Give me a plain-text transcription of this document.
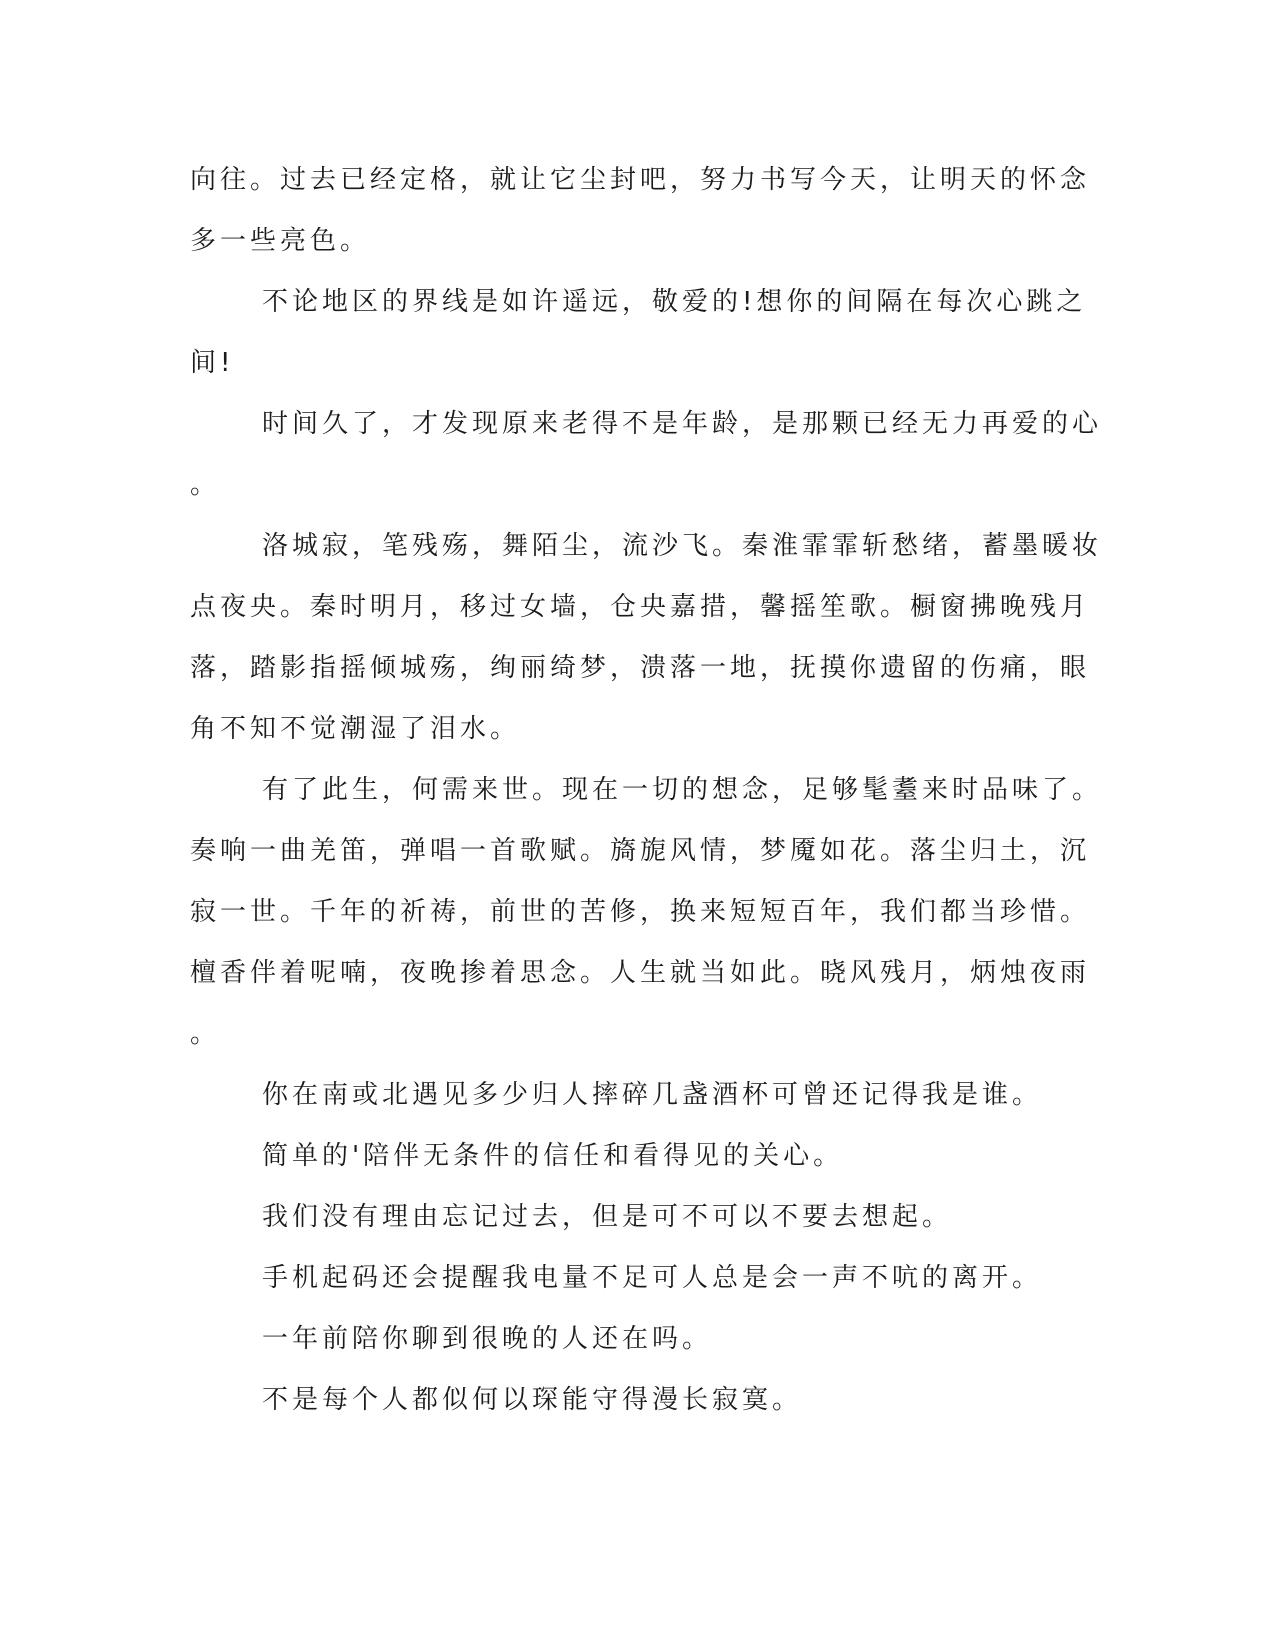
向往。过去已经定格，就让它尘封吧，努力书写今天，让明天的怀念
多一些亮色。
不论地区的界线是如许遥远，敬爱的!想你的间隔在每次心跳之
间!
时间久了，才发现原来老得不是年龄，是那颗已经无力再爱的心
。
洛城寂，笔残殇，舞陌尘，流沙飞。秦淮霏霏斩愁绪，蓄墨暖妆
点夜央。秦时明月，移过女墙，仓央嘉措，馨摇笙歌。橱窗拂晚残月
落，踏影指摇倾城殇，绚丽绮梦，溃落一地，抚摸你遗留的伤痛，眼
角不知不觉潮湿了泪水。
有了此生，何需来世。现在一切的想念，足够髦耋来时品味了。
奏响一曲羌笛，弹唱一首歌赋。旖旎风情，梦魇如花。落尘归土，沉
寂一世。千年的祈祷，前世的苦修，换来短短百年，我们都当珍惜。
檀香伴着呢喃，夜晚掺着思念。人生就当如此。晓风残月，炳烛夜雨
。
你在南或北遇见多少归人摔碎几盏酒杯可曾还记得我是谁。
简单的'陪伴无条件的信任和看得见的关心。
我们没有理由忘记过去，但是可不可以不要去想起。
手机起码还会提醒我电量不足可人总是会一声不吭的离开。
一年前陪你聊到很晚的人还在吗。
不是每个人都似何以琛能守得漫长寂寞。
